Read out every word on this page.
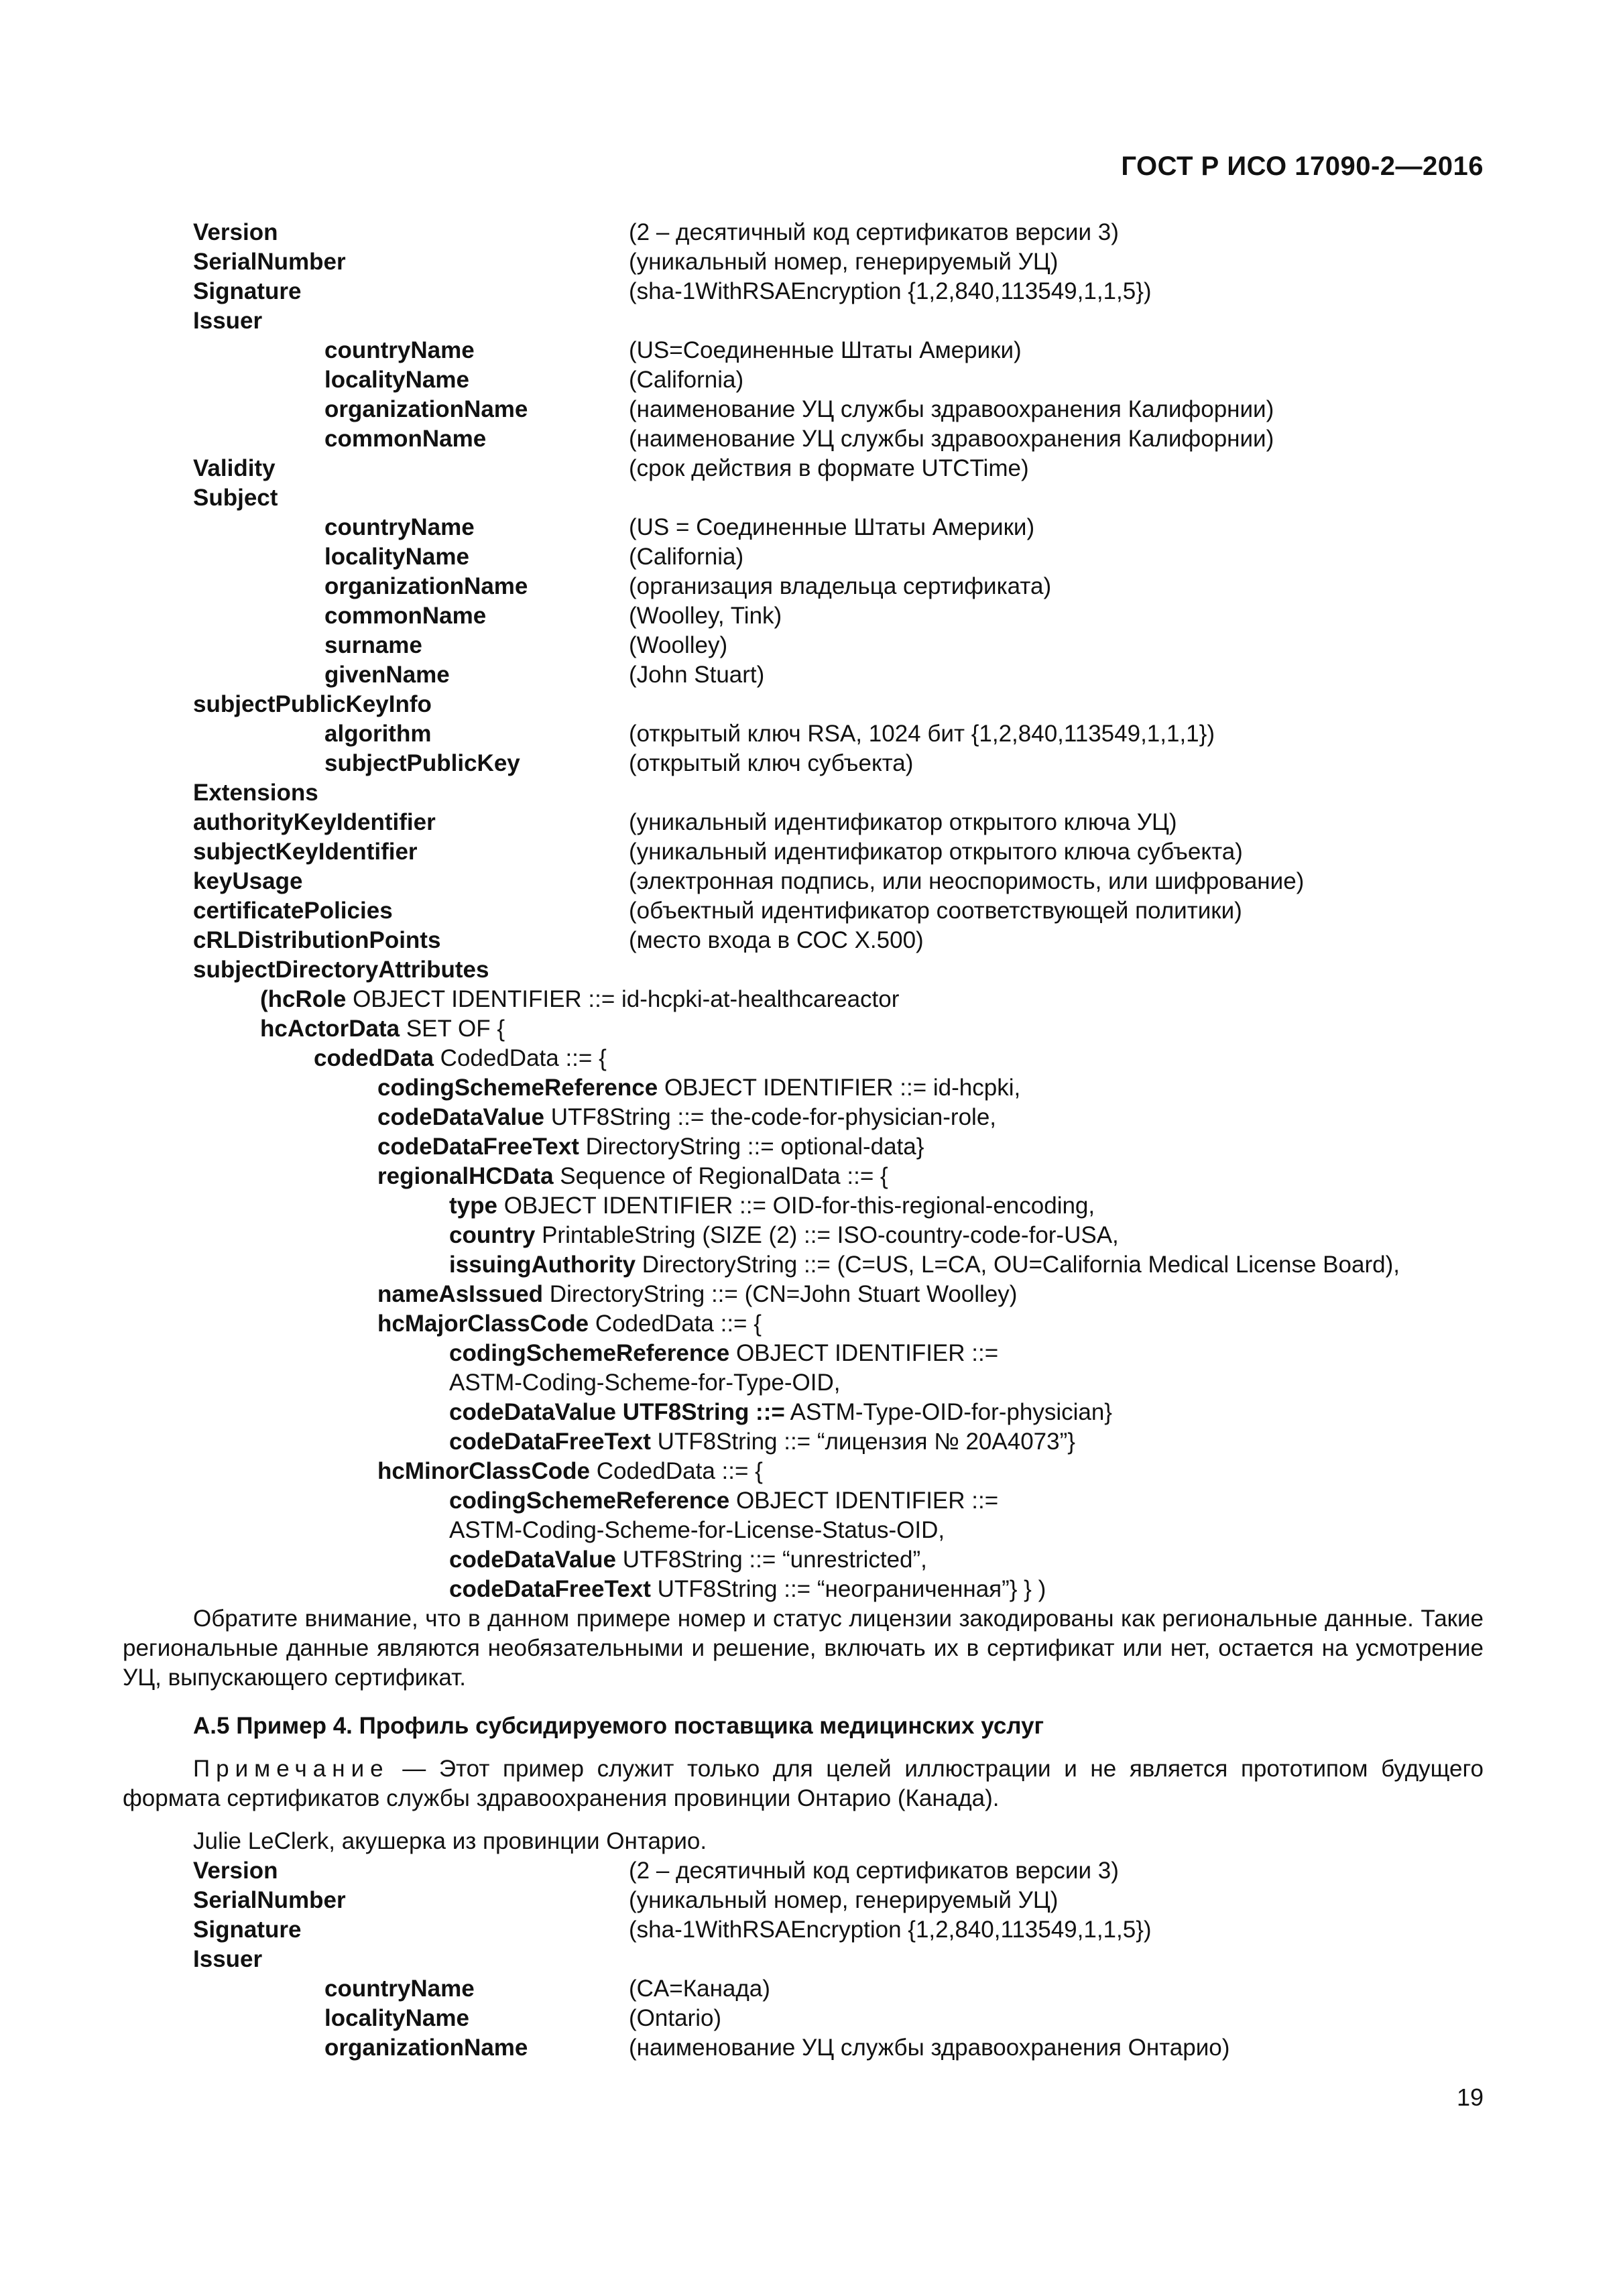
ГОСТ Р ИСО 17090-2—2016
Version	(2 – десятичный код сертификатов версии 3)
SerialNumber	(уникальный номер, генерируемый УЦ)
Signature	(sha-1WithRSAEncryption {1,2,840,113549,1,1,5})
Issuer
countryName	(US=Соединенные Штаты Америки)
localityName	(California)
organizationName	(наименование УЦ службы здравоохранения Калифорнии)
commonName	(наименование УЦ службы здравоохранения Калифорнии)
Validity	(срок действия в формате UTCTime)
Subject
countryName	(US = Соединенные Штаты Америки)
localityName	(California)
organizationName	(организация владельца сертификата)
commonName	(Woolley, Tink)
surname	(Woolley)
givenName	(John Stuart)
subjectPublicKeyInfo
algorithm	(открытый ключ RSA, 1024 бит {1,2,840,113549,1,1,1})
subjectPublicKey	(открытый ключ субъекта)
Extensions
authorityKeyIdentifier	(уникальный идентификатор открытого ключа УЦ)
subjectKeyIdentifier	(уникальный идентификатор открытого ключа субъекта)
keyUsage	(электронная подпись, или неоспоримость, или шифрование)
certificatePolicies	(объектный идентификатор соответствующей политики)
cRLDistributionPoints	(место входа в СОС X.500)
subjectDirectoryAttributes
(hcRole OBJECT IDENTIFIER ::= id-hcpki-at-healthcareactor
hcActorData SET OF {
codedData CodedData ::= {
codingSchemeReference OBJECT IDENTIFIER ::= id-hcpki,
codeDataValue UTF8String ::= the-code-for-physician-role,
codeDataFreeText DirectoryString ::= optional-data}
regionalHCData Sequence of RegionalData ::= {
type OBJECT IDENTIFIER ::= OID-for-this-regional-encoding,
country PrintableString (SIZE (2) ::= ISO-country-code-for-USA,
issuingAuthority DirectoryString ::= (C=US, L=CA, OU=California Medical License Board),
nameAsIssued DirectoryString ::= (CN=John Stuart Woolley)
hcMajorClassCode CodedData ::= {
codingSchemeReference OBJECT IDENTIFIER ::=
ASTM-Coding-Scheme-for-Type-OID,
codeDataValue UTF8String ::= ASTM-Type-OID-for-physician}
codeDataFreeText UTF8String ::= “лицензия № 20A4073”}
hcMinorClassCode CodedData ::= {
codingSchemeReference OBJECT IDENTIFIER ::=
ASTM-Coding-Scheme-for-License-Status-OID,
codeDataValue UTF8String ::= “unrestricted”,
codeDataFreeText UTF8String ::= “неограниченная”} } )
Обратите внимание, что в данном примере номер и статус лицензии закодированы как региональные данные. Такие региональные данные являются необязательными и решение, включать их в сертификат или нет, остается на усмотрение УЦ, выпускающего сертификат.
A.5 Пример 4. Профиль субсидируемого поставщика медицинских услуг
Примечание — Этот пример служит только для целей иллюстрации и не является прототипом будущего формата сертификатов службы здравоохранения провинции Онтарио (Канада).
Julie LeClerk, акушерка из провинции Онтарио.
Version	(2 – десятичный код сертификатов версии 3)
SerialNumber	(уникальный номер, генерируемый УЦ)
Signature	(sha-1WithRSAEncryption {1,2,840,113549,1,1,5})
Issuer
countryName	(CA=Канада)
localityName	(Ontario)
organizationName	(наименование УЦ службы здравоохранения Онтарио)
19
